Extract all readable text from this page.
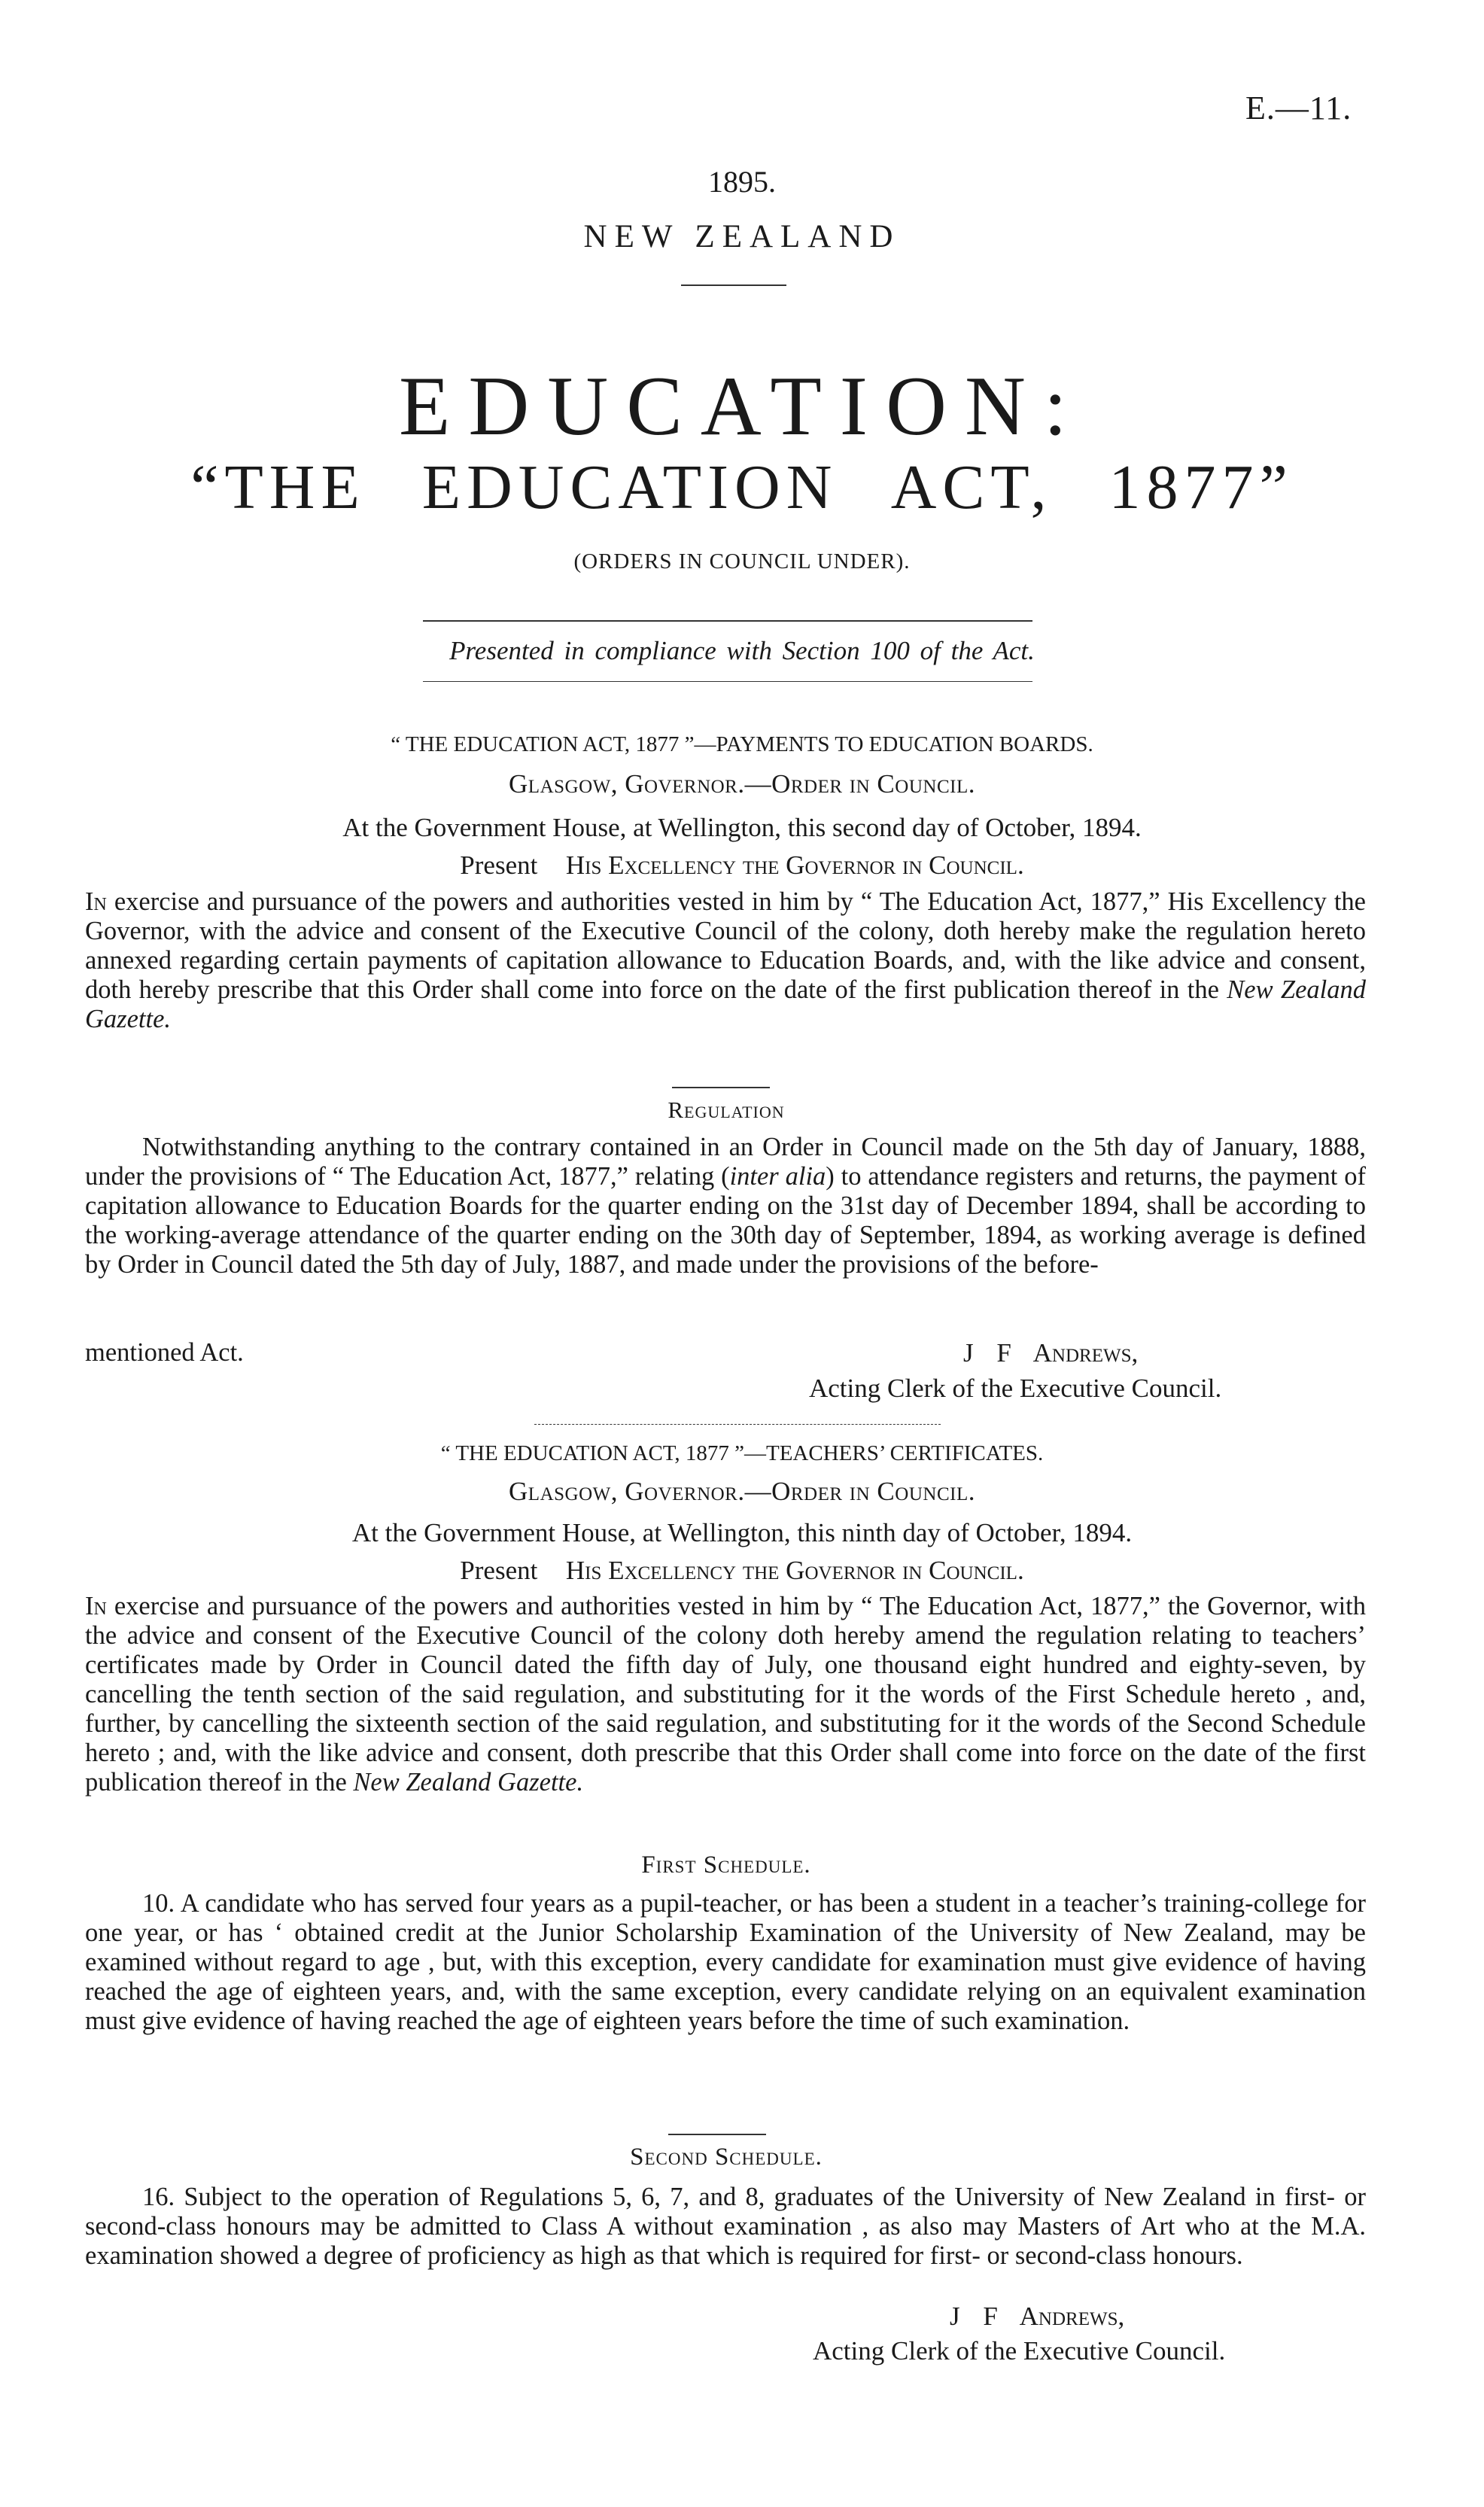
E.—11.
1895.
NEW ZEALAND
EDUCATION:
“THE EDUCATION ACT, 1877”
(ORDERS IN COUNCIL UNDER).
Presented in compliance with Section 100 of the Act.
“ THE EDUCATION ACT, 1877 ”—PAYMENTS TO EDUCATION BOARDS.
Glasgow, Governor.—Order in Council.
At the Government House, at Wellington, this second day of October, 1894.
Present His Excellency the Governor in Council.
In exercise and pursuance of the powers and authorities vested in him by “ The Education Act, 1877,” His Excellency the Governor, with the advice and consent of the Executive Council of the colony, doth hereby make the regulation hereto annexed regarding certain payments of capitation allowance to Education Boards, and, with the like advice and consent, doth hereby prescribe that this Order shall come into force on the date of the first publication thereof in the New Zealand Gazette.
Regulation
Notwithstanding anything to the contrary contained in an Order in Council made on the 5th day of January, 1888, under the provisions of “ The Education Act, 1877,” relating (inter alia) to attendance registers and returns, the payment of capitation allowance to Education Boards for the quarter ending on the 31st day of December 1894, shall be according to the working-average attendance of the quarter ending on the 30th day of September, 1894, as working average is defined by Order in Council dated the 5th day of July, 1887, and made under the provisions of the before-
mentioned Act.	J F Andrews,
Acting Clerk of the Executive Council.
“ THE EDUCATION ACT, 1877 ”—TEACHERS’ CERTIFICATES.
Glasgow, Governor.—Order in Council.
At the Government House, at Wellington, this ninth day of October, 1894.
Present His Excellency the Governor in Council.
In exercise and pursuance of the powers and authorities vested in him by “ The Education Act, 1877,” the Governor, with the advice and consent of the Executive Council of the colony doth hereby amend the regulation relating to teachers’ certificates made by Order in Council dated the fifth day of July, one thousand eight hundred and eighty-seven, by cancelling the tenth section of the said regulation, and substituting for it the words of the First Schedule hereto , and, further, by cancelling the sixteenth section of the said regulation, and substituting for it the words of the Second Schedule hereto ; and, with the like advice and consent, doth prescribe that this Order shall come into force on the date of the first publication thereof in the New Zealand Gazette.
First Schedule.
10. A candidate who has served four years as a pupil-teacher, or has been a student in a teacher’s training-college for one year, or has ‘ obtained credit at the Junior Scholarship Examination of the University of New Zealand, may be examined without regard to age , but, with this exception, every candidate for examination must give evidence of having reached the age of eighteen years, and, with the same exception, every candidate relying on an equivalent examination must give evidence of having reached the age of eighteen years before the time of such examination.
Second Schedule.
16. Subject to the operation of Regulations 5, 6, 7, and 8, graduates of the University of New Zealand in first- or second-class honours may be admitted to Class A without examination , as also may Masters of Art who at the M.A. examination showed a degree of proficiency as high as that which is required for first- or second-class honours.
J F Andrews,
Acting Clerk of the Executive Council.
